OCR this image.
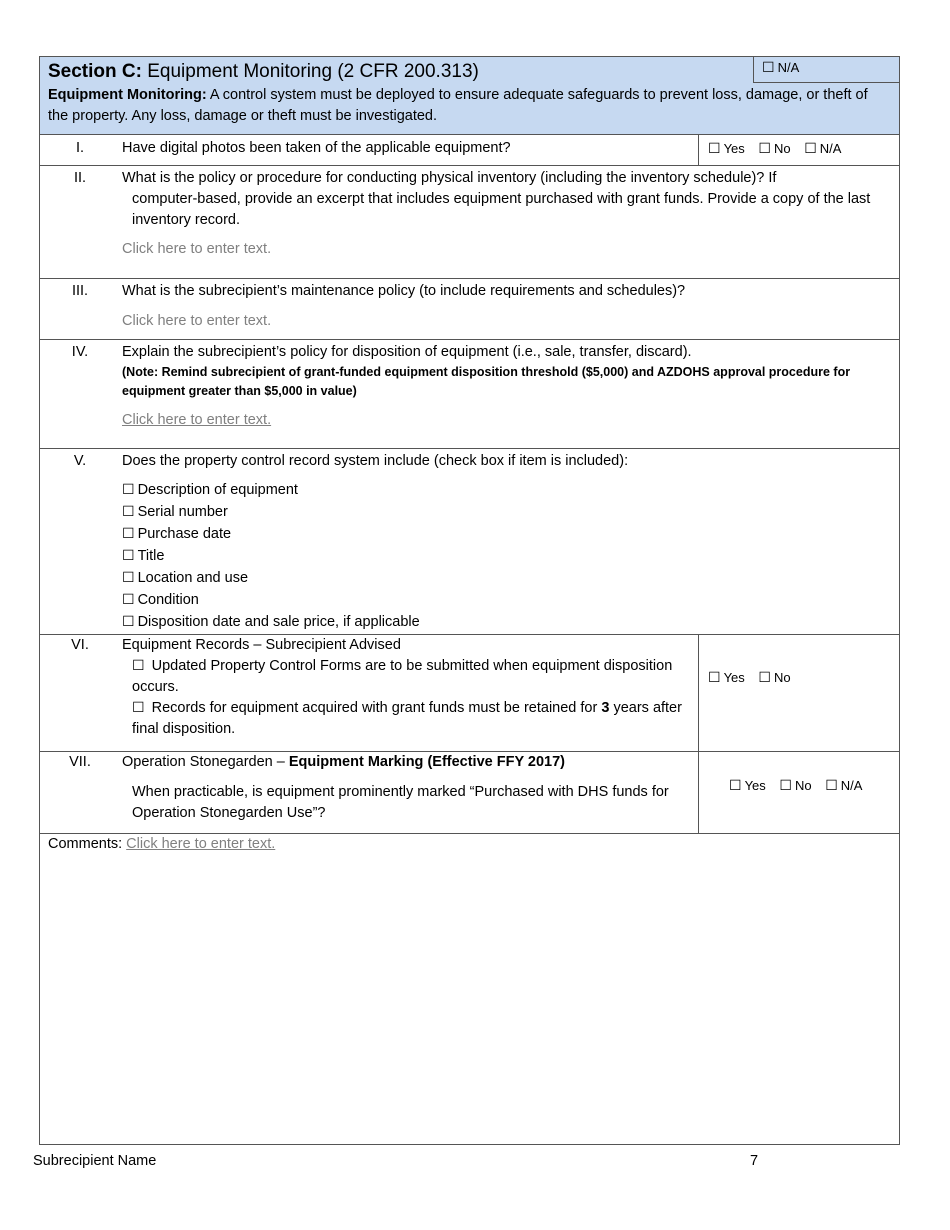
Section C: Equipment Monitoring (2 CFR 200.313)	☐ N/A
Equipment Monitoring: A control system must be deployed to ensure adequate safeguards to prevent loss, damage, or theft of the property. Any loss, damage or theft must be investigated.
I.	Have digital photos been taken of the applicable equipment?	☐ Yes ☐ No ☐ N/A
II.	What is the policy or procedure for conducting physical inventory (including the inventory schedule)? If
computer-based, provide an excerpt that includes equipment purchased with grant funds. Provide a copy of the last inventory record.
Click here to enter text.
III.	What is the subrecipient’s maintenance policy (to include requirements and schedules)?
Click here to enter text.
IV.	Explain the subrecipient’s policy for disposition of equipment (i.e., sale, transfer, discard).
(Note: Remind subrecipient of grant-funded equipment disposition threshold ($5,000) and AZDOHS approval procedure for equipment greater than $5,000 in value)
Click here to enter text.
V.	Does the property control record system include (check box if item is included):
☐ Description of equipment
☐ Serial number
☐ Purchase date
☐ Title
☐ Location and use
☐ Condition
☐ Disposition date and sale price, if applicable
VI.	Equipment Records – Subrecipient Advised
☐ Updated Property Control Forms are to be submitted when equipment disposition occurs.
☐ Records for equipment acquired with grant funds must be retained for 3 years after final disposition.
☐ Yes ☐ No
VII.	Operation Stonegarden – Equipment Marking (Effective FFY 2017)
When practicable, is equipment prominently marked “Purchased with DHS funds for Operation Stonegarden Use”?
☐ Yes ☐ No ☐ N/A
Comments: Click here to enter text.
Subrecipient Name	7
